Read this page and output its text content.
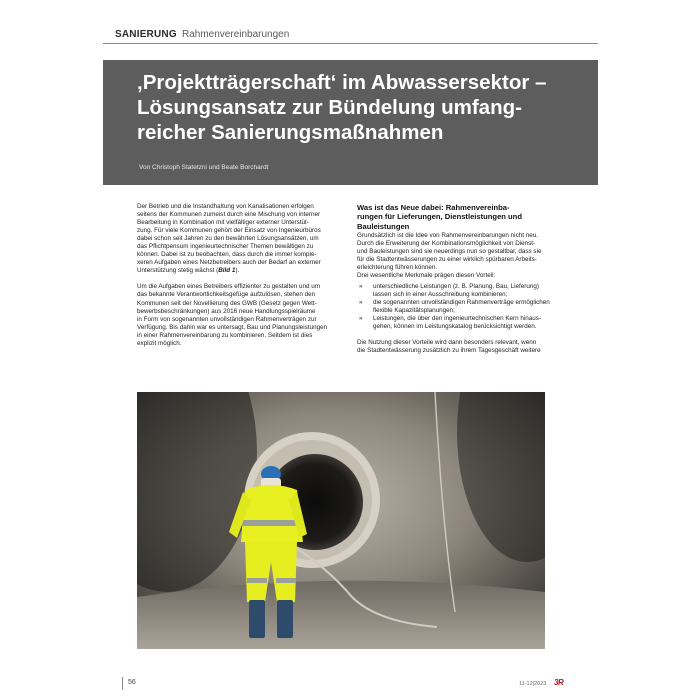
SANIERUNG Rahmenvereinbarungen
‚Projektträgerschaft‘ im Abwassersektor –
Lösungsansatz zur Bündelung umfang-
reicher Sanierungsmaßnahmen
Von Christoph Statetzni und Beate Borchardt

Der Betrieb und die Instandhaltung von Kanalisationen erfolgen
seitens der Kommunen zumeist durch eine Mischung von interner
Bearbeitung in Kombination mit vielfältiger externer Unterstüt-
zung. Für viele Kommunen gehört der Einsatz von Ingenieurbüros
dabei schon seit Jahren zu den bewährten Lösungsansätzen, um
das Pflichtpensum ingenieurtechnischer Themen bewältigen zu
können. Dabei ist zu beobachten, dass durch die immer komple-
xeren Aufgaben eines Netzbetreibers auch der Bedarf an externer
Unterstützung stetig wächst (Bild 1).

Um die Aufgaben eines Betreibers effizienter zu gestalten und um
das bekannte Verantwortlichkeitsgefüge aufzulösen, stehen den
Kommunen seit der Novellierung des GWB (Gesetz gegen Wett-
bewerbsbeschränkungen) aus 2016 neue Handlungsspielräume
in Form von sogenannten unvollständigen Rahmenverträgen zur
Verfügung. Bis dahin war es untersagt, Bau und Planungsleistungen
in einer Rahmenvereinbarung zu kombinieren. Seitdem ist dies
explizit möglich.

Was ist das Neue dabei: Rahmenvereinba-
rungen für Lieferungen, Dienstleistungen und
Bauleistungen

Grundsätzlich ist die Idee von Rahmenvereinbarungen nicht neu.
Durch die Erweiterung der Kombinationsmöglichkeit von Dienst-
und Bauleistungen sind sie neuerdings nun so gestaltbar, dass sie
für die Stadtentwässerungen zu einer wirklich spürbaren Arbeits-
erleichterung führen können.

Drei wesentliche Merkmale prägen diesen Vorteil:

» unterschiedliche Leistungen (z. B. Planung, Bau, Lieferung)
lassen sich in einer Ausschreibung kombinieren;
» die sogenannten unvollständigen Rahmenverträge ermöglichen
flexible Kapazitätsplanungen;
» Leistungen, die über den ingenieurtechnischen Kern hinaus-
gehen, können im Leistungskatalog berücksichtigt werden.

Die Nutzung dieser Vorteile wird dann besonders relevant, wenn
die Stadtentwässerung zusätzlich zu ihrem Tagesgeschäft weitere

56	11-12|2023 3R
